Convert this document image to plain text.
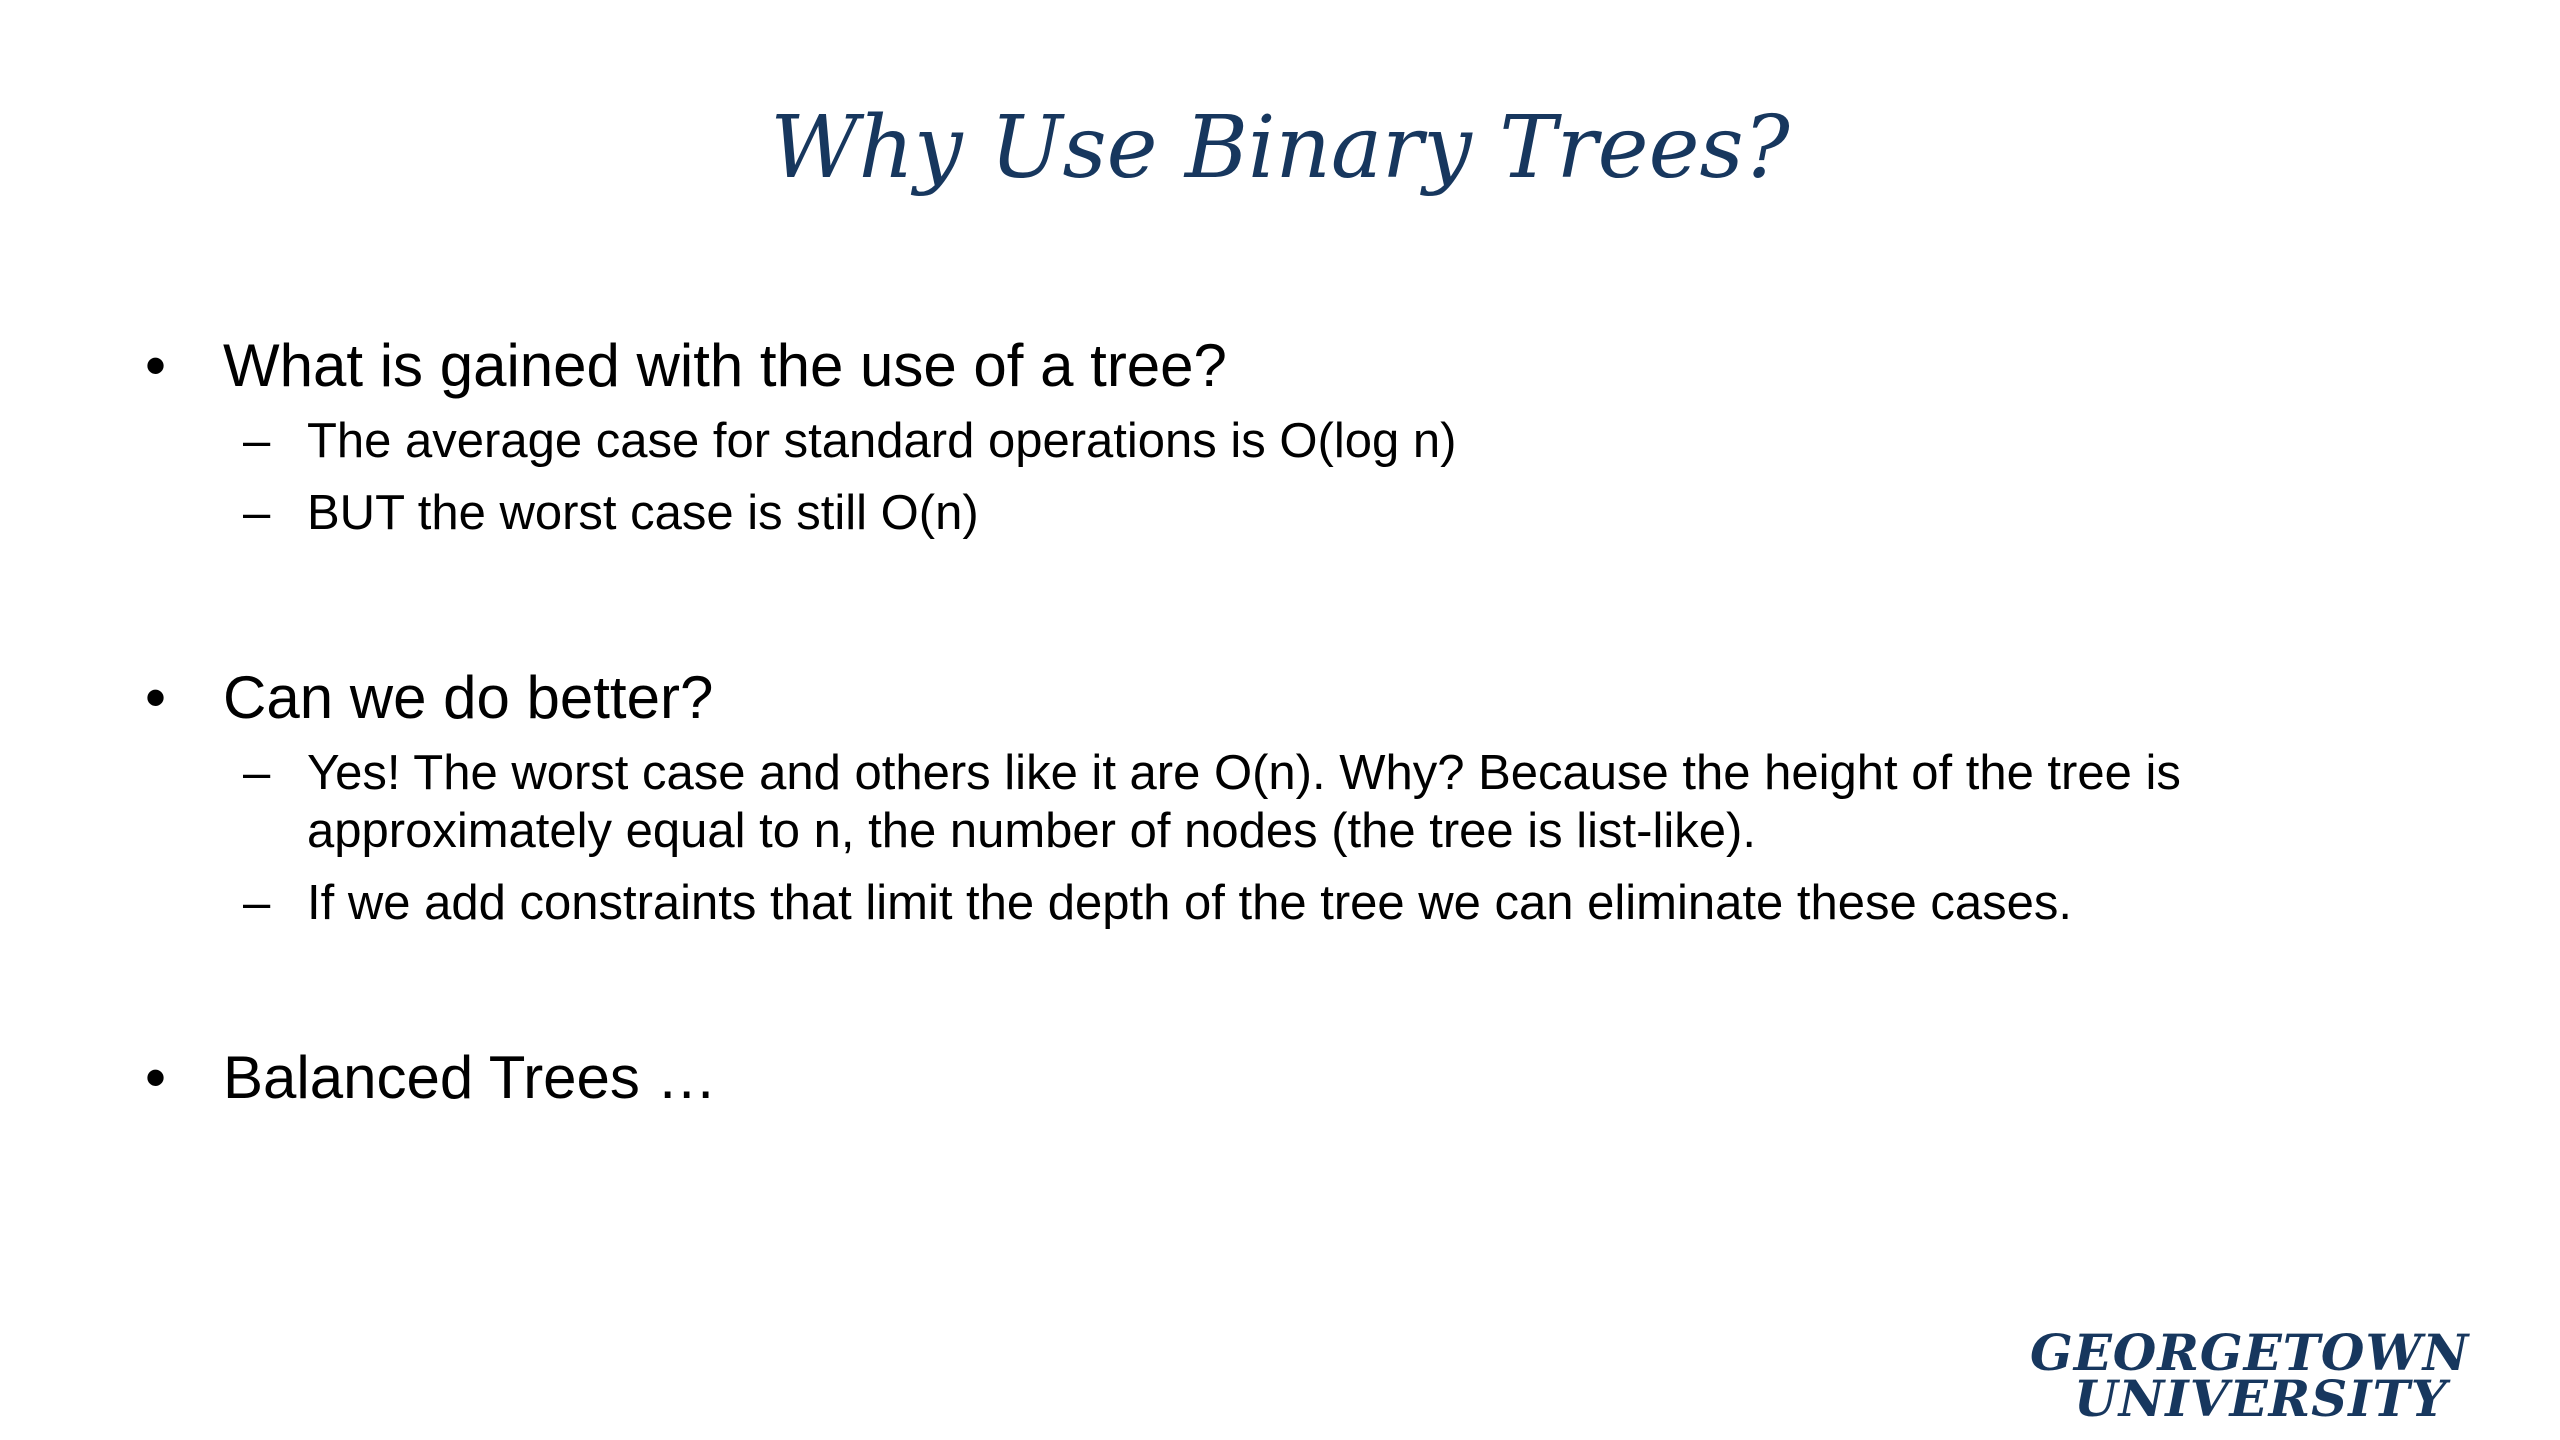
Why Use Binary Trees?
• What is gained with the use of a tree?
– The average case for standard operations is O(log n)
– BUT the worst case is still O(n)
• Can we do better?
– Yes! The worst case and others like it are O(n). Why? Because the height of the tree is approximately equal to n, the number of nodes (the tree is list-like).
– If we add constraints that limit the depth of the tree we can eliminate these cases.
• Balanced Trees …
GEORGETOWN
UNIVERSITY
